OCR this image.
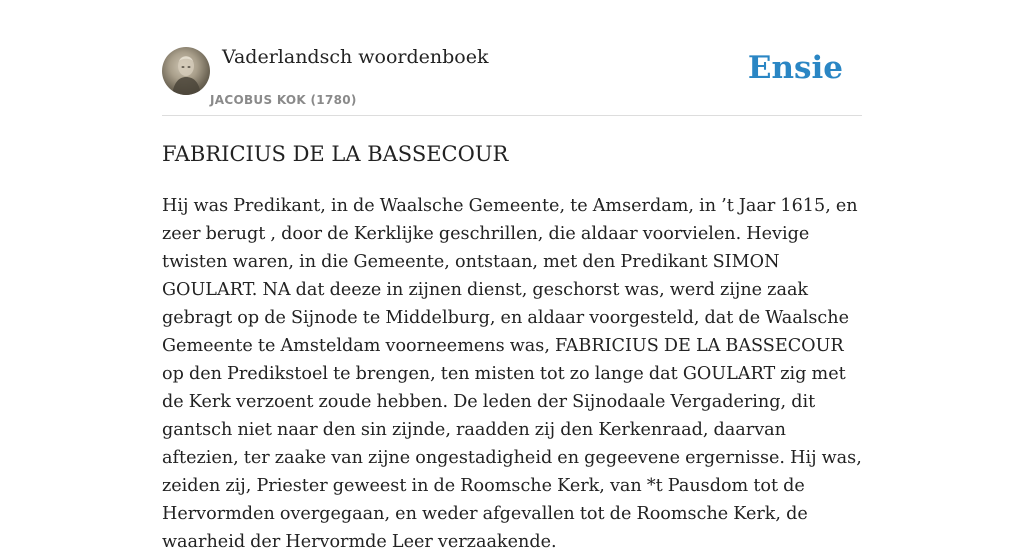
Vaderlandsch woordenboek
JACOBUS KOK (1780)
Ensie
FABRICIUS DE LA BASSECOUR

Hij was Predikant, in de Waalsche Gemeente, te Amserdam, in ’t Jaar 1615, en zeer berugt , door de Kerklijke geschrillen, die aldaar voorvielen. Hevige twisten waren, in die Gemeente, ontstaan, met den Predikant SIMON GOULART. NA dat deeze in zijnen dienst, geschorst was, werd zijne zaak gebragt op de Sijnode te Middelburg, en aldaar voorgesteld, dat de Waalsche Gemeente te Amsteldam voorneemens was, FABRICIUS DE LA BASSECOUR op den Predikstoel te brengen, ten misten tot zo lange dat GOULART zig met de Kerk verzoent zoude hebben. De leden der Sijnodaale Vergadering, dit gantsch niet naar den sin zijnde, raadden zij den Kerkenraad, daarvan aftezien, ter zaake van zijne ongestadigheid en gegeevene ergernisse. Hij was, zeiden zij, Priester geweest in de Roomsche Kerk, van *t Pausdom tot de Hervormden overgegaan, en weder afgevallen tot de Roomsche Kerk, de waarheid der Hervormde Leer verzaakende.
